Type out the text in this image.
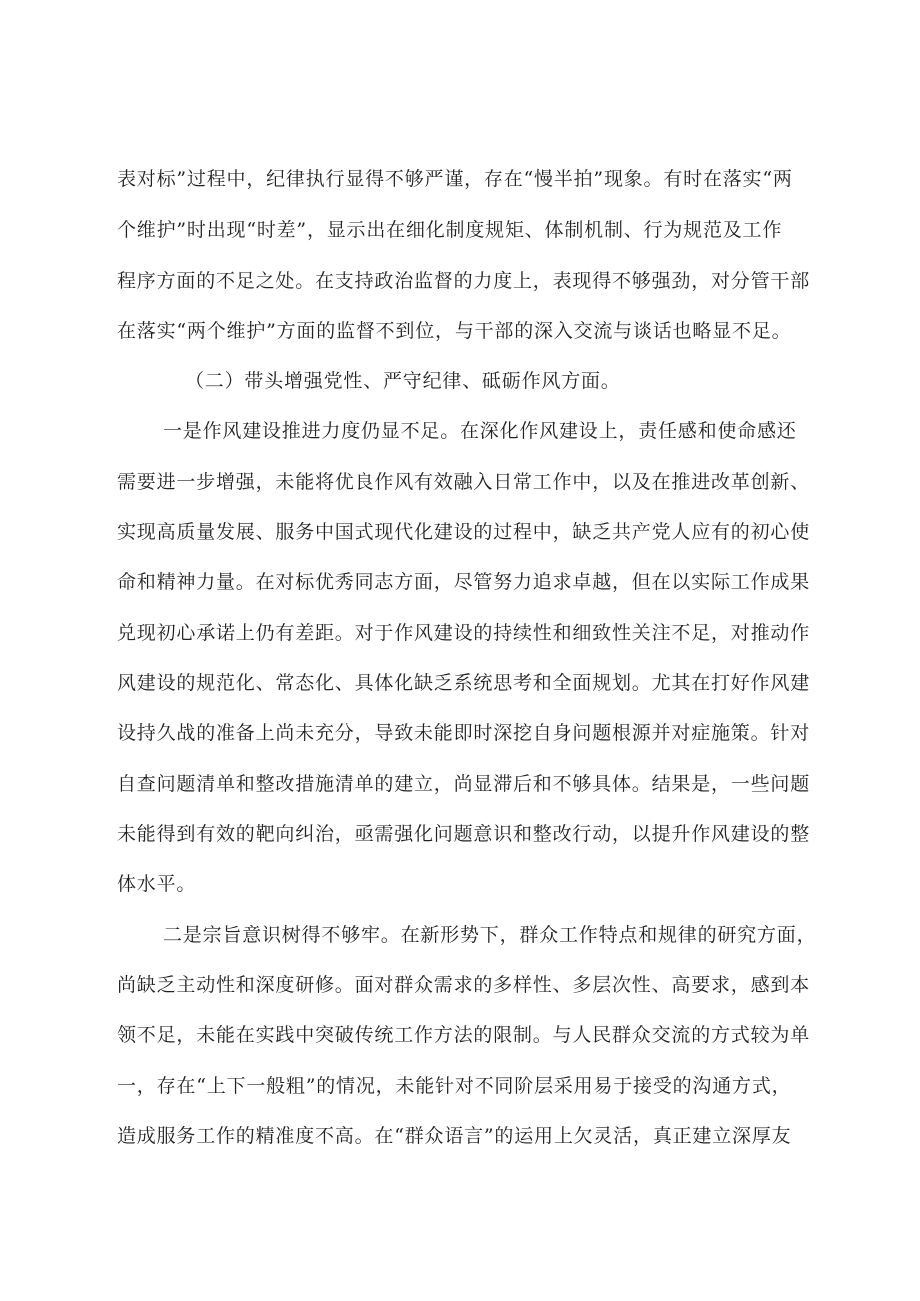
表对标”过程中，纪律执行显得不够严谨，存在“慢半拍”现象。有时在落实“两
个维护”时出现“时差”，显示出在细化制度规矩、体制机制、行为规范及工作
程序方面的不足之处。在支持政治监督的力度上，表现得不够强劲，对分管干部
在落实“两个维护”方面的监督不到位，与干部的深入交流与谈话也略显不足。
（二）带头增强党性、严守纪律、砥砺作风方面。
一是作风建设推进力度仍显不足。在深化作风建设上，责任感和使命感还
需要进一步增强，未能将优良作风有效融入日常工作中，以及在推进改革创新、
实现高质量发展、服务中国式现代化建设的过程中，缺乏共产党人应有的初心使
命和精神力量。在对标优秀同志方面，尽管努力追求卓越，但在以实际工作成果
兑现初心承诺上仍有差距。对于作风建设的持续性和细致性关注不足，对推动作
风建设的规范化、常态化、具体化缺乏系统思考和全面规划。尤其在打好作风建
设持久战的准备上尚未充分，导致未能即时深挖自身问题根源并对症施策。针对
自查问题清单和整改措施清单的建立，尚显滞后和不够具体。结果是，一些问题
未能得到有效的靶向纠治，亟需强化问题意识和整改行动，以提升作风建设的整
体水平。
二是宗旨意识树得不够牢。在新形势下，群众工作特点和规律的研究方面，
尚缺乏主动性和深度研修。面对群众需求的多样性、多层次性、高要求，感到本
领不足，未能在实践中突破传统工作方法的限制。与人民群众交流的方式较为单
一，存在“上下一般粗”的情况，未能针对不同阶层采用易于接受的沟通方式，
造成服务工作的精准度不高。在“群众语言”的运用上欠灵活，真正建立深厚友
